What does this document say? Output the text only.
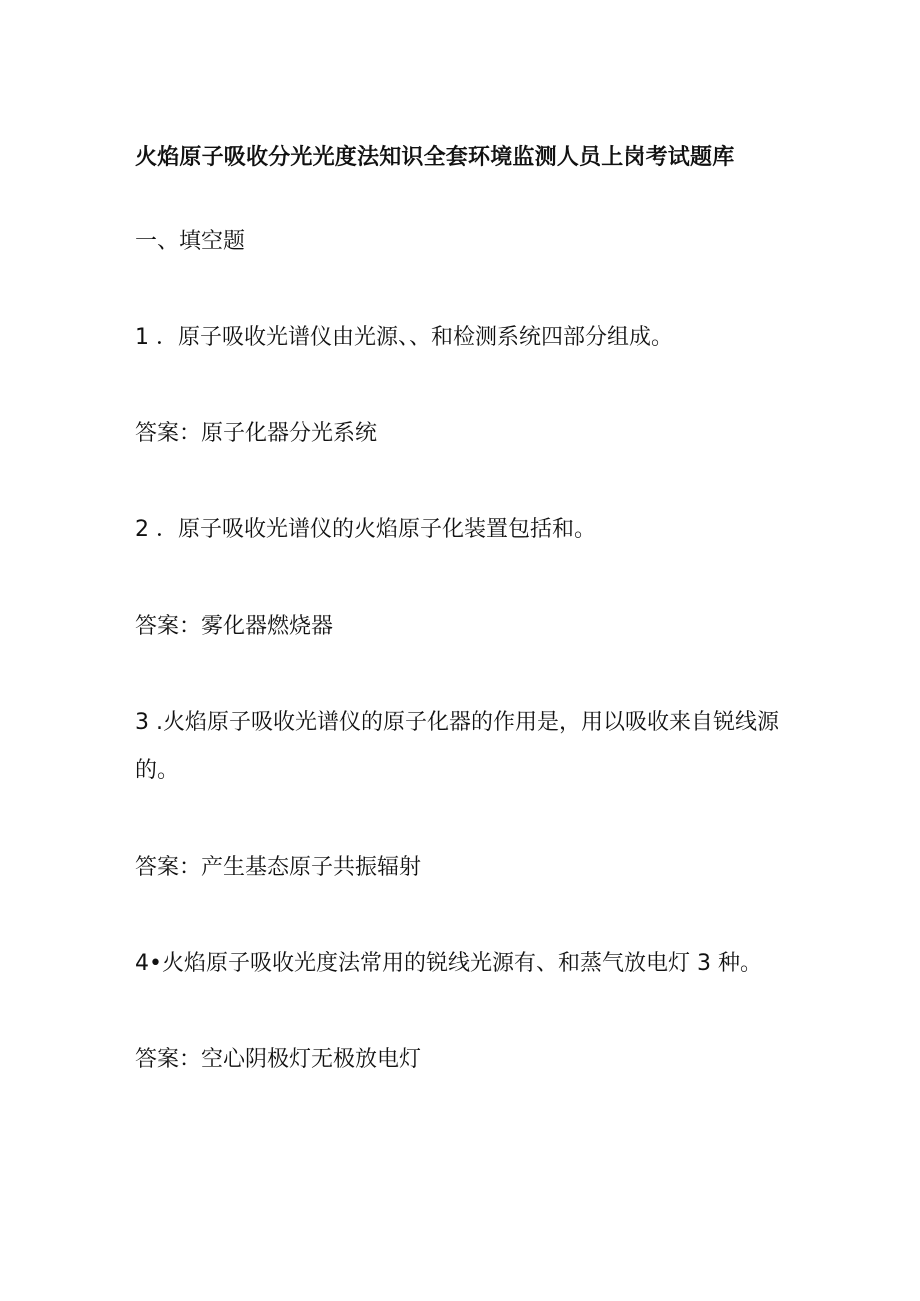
火焰原子吸收分光光度法知识全套环境监测人员上岗考试题库
一、填空题
1 ．原子吸收光谱仪由光源、、和检测系统四部分组成。
答案：原子化器分光系统
2 ．原子吸收光谱仪的火焰原子化装置包括和。
答案：雾化器燃烧器
3 .火焰原子吸收光谱仪的原子化器的作用是，用以吸收来自锐线源
的。
答案：产生基态原子共振辐射
4•火焰原子吸收光度法常用的锐线光源有、和蒸气放电灯 3 种。
答案：空心阴极灯无极放电灯
